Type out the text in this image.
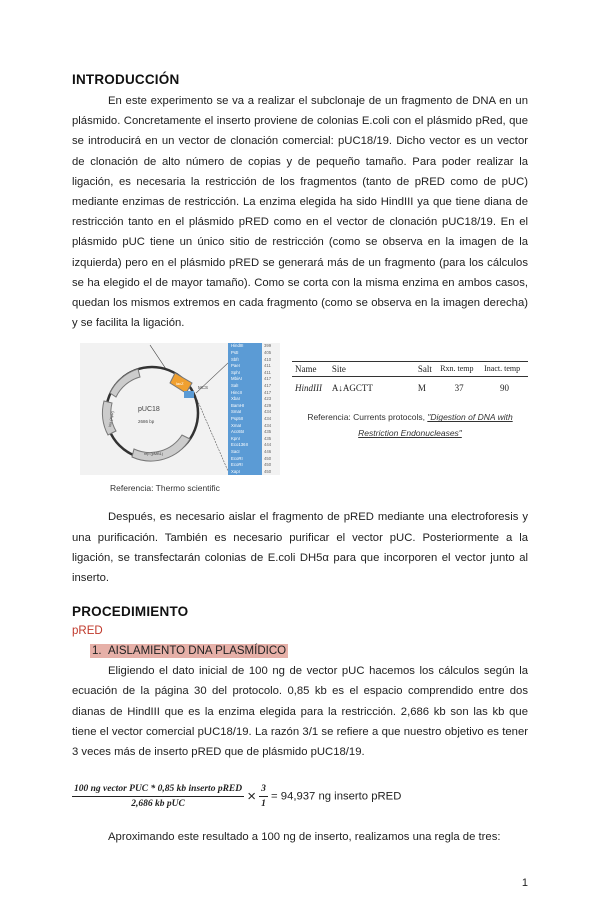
INTRODUCCIÓN

En este experimento se va a realizar el subclonaje de un fragmento de DNA en un plásmido. Concretamente el inserto proviene de colonias E.coli con el plásmido pRed, que se introducirá en un vector de clonación comercial: pUC18/19. Dicho vector es un vector de clonación de alto número de copias y de pequeño tamaño. Para poder realizar la ligación, es necesaria la restricción de los fragmentos (tanto de pRED como de pUC) mediante enzimas de restricción. La enzima elegida ha sido HindIII ya que tiene diana de restricción tanto en el plásmido pRED como en el vector de clonación pUC18/19. En el plásmido pUC tiene un único sitio de restricción (como se observa en la imagen de la izquierda) pero en el plásmido pRED se generará más de un fragmento (para los cálculos se ha elegido el de mayor tamaño). Como se corta con la misma enzima en ambos casos, quedan los mismos extremos en cada fragmento (como se observa en la imagen derecha) y se facilita la ligación.

pUC18
2686 bp
lacZ
MCS
rep (pMB1)
bla (ApR)
HindIII
PstI
SbfI
PaeI
SphI
MbiAI
SalI
HincII
XbaI
BamHI
SmaI
Psp5II
XmaI
Acc65I
KpnI
Eco136II
SacI
EcoRI
EcoRI
XapI
399
405
410
411
411
417
417
417
423
429
434
434
434
435
435
444
446
450
450
450
Referencia: Thermo scientific
Name	Site	Salt	Rxn. temp	Inact. temp
HindIII	A↓AGCTT	M	37	90
Referencia: Currents protocols, "Digestion of DNA with Restriction Endonucleases"

Después, es necesario aislar el fragmento de pRED mediante una electroforesis y una purificación. También es necesario purificar el vector pUC. Posteriormente a la ligación, se transfectarán colonias de E.coli DH5α para que incorporen el vector junto al inserto.

PROCEDIMIENTO
pRED
1. AISLAMIENTO DNA PLASMÍDICO

Eligiendo el dato inicial de 100 ng de vector pUC hacemos los cálculos según la ecuación de la página 30 del protocolo. 0,85 kb es el espacio comprendido entre dos dianas de HindIII que es la enzima elegida para la restricción. 2,686 kb son las kb que tiene el vector comercial pUC18/19. La razón 3/1 se refiere a que nuestro objetivo es tener 3 veces más de inserto pRED que de plásmido pUC18/19.

$\frac{\text{100 ng vector PUC * 0,85 kb inserto pRED}}{\text{2,686 kb pUC}} \times \frac{3}{1} = 94,937$ ng inserto pRED

Aproximando este resultado a 100 ng de inserto, realizamos una regla de tres:

1
